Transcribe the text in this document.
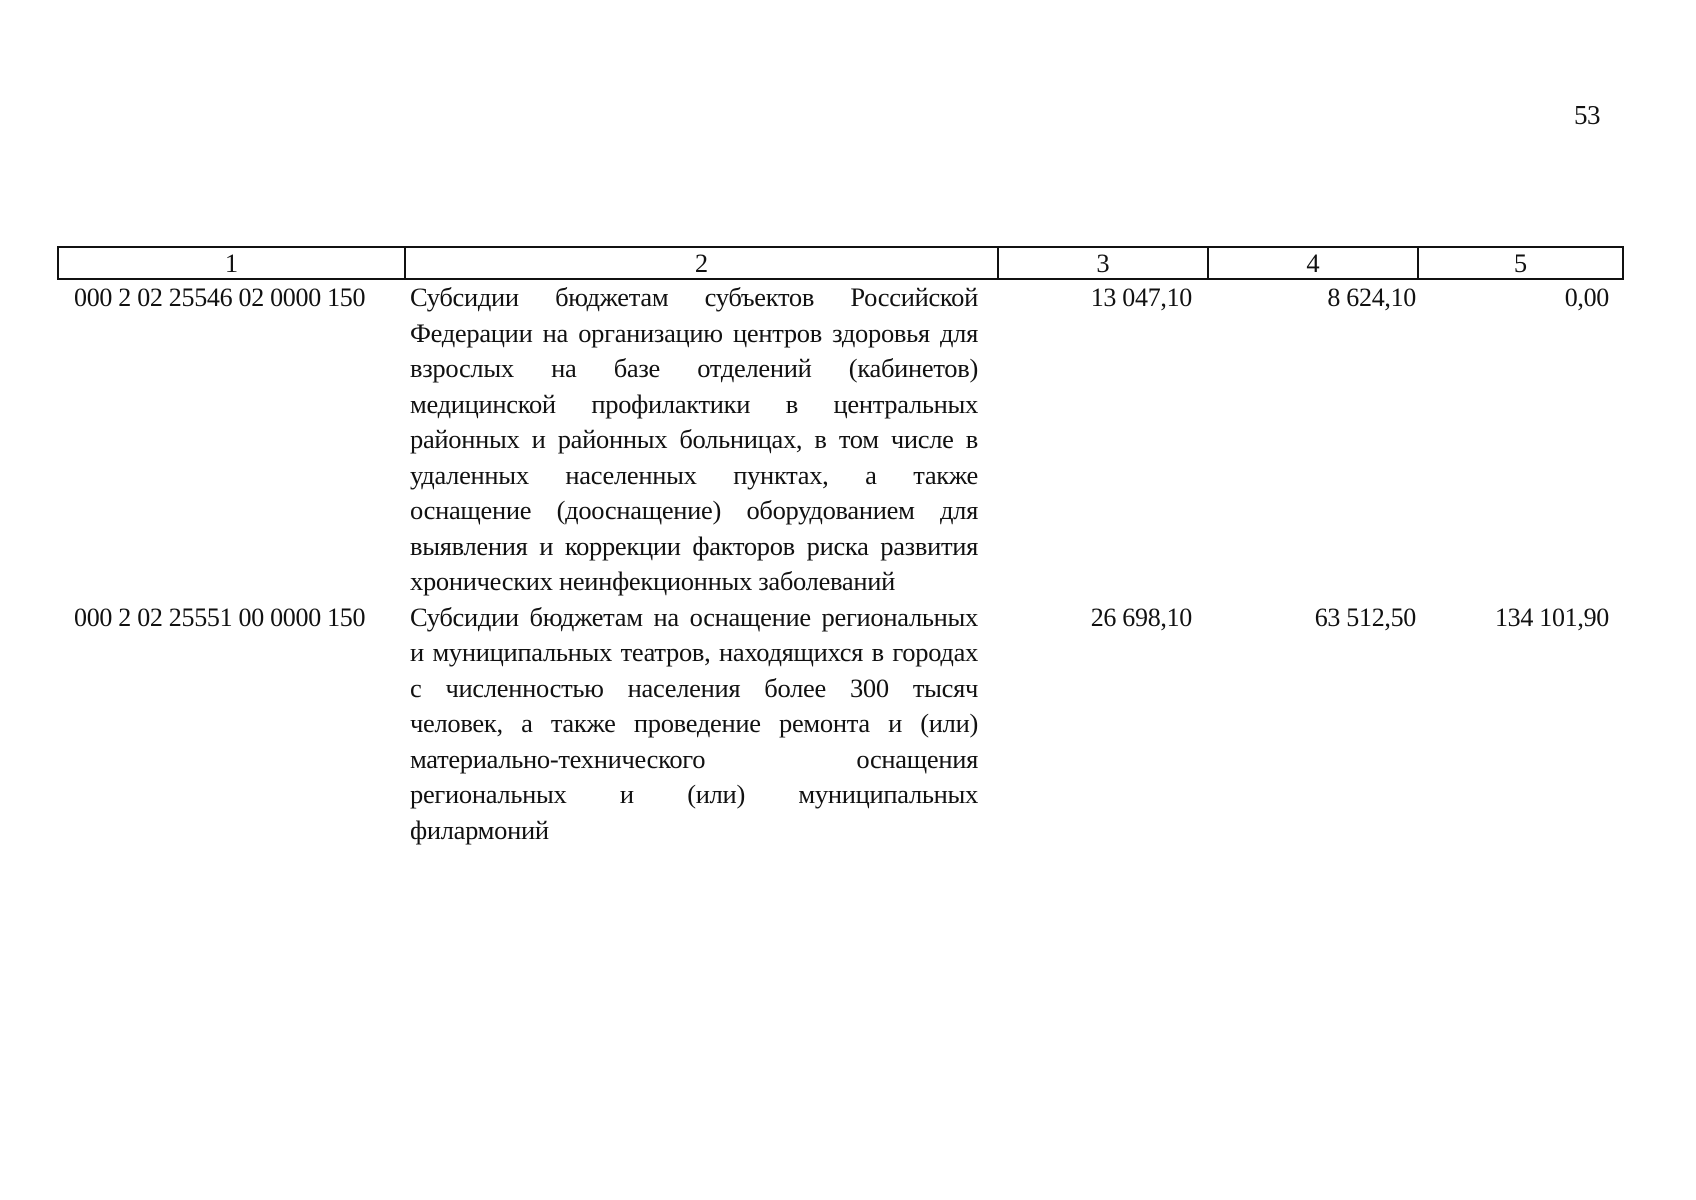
53
1	2	3	4	5
000 2 02 25546 02 0000 150	Субсидии бюджетам субъектов Российской Федерации на организацию центров здоровья для взрослых на базе отделений (кабинетов) медицинской профилактики в центральных районных и районных больницах, в том числе в удаленных населенных пунктах, а также оснащение (дооснащение) оборудованием для выявления и коррекции факторов риска развития хронических неинфекционных заболеваний	13 047,10	8 624,10	0,00
000 2 02 25551 00 0000 150	Субсидии бюджетам на оснащение региональных и муниципальных театров, находящихся в городах с численностью населения более 300 тысяч человек, а также проведение ремонта и (или) материально-технического оснащения региональных и (или) муниципальных филармоний	26 698,10	63 512,50	134 101,90
